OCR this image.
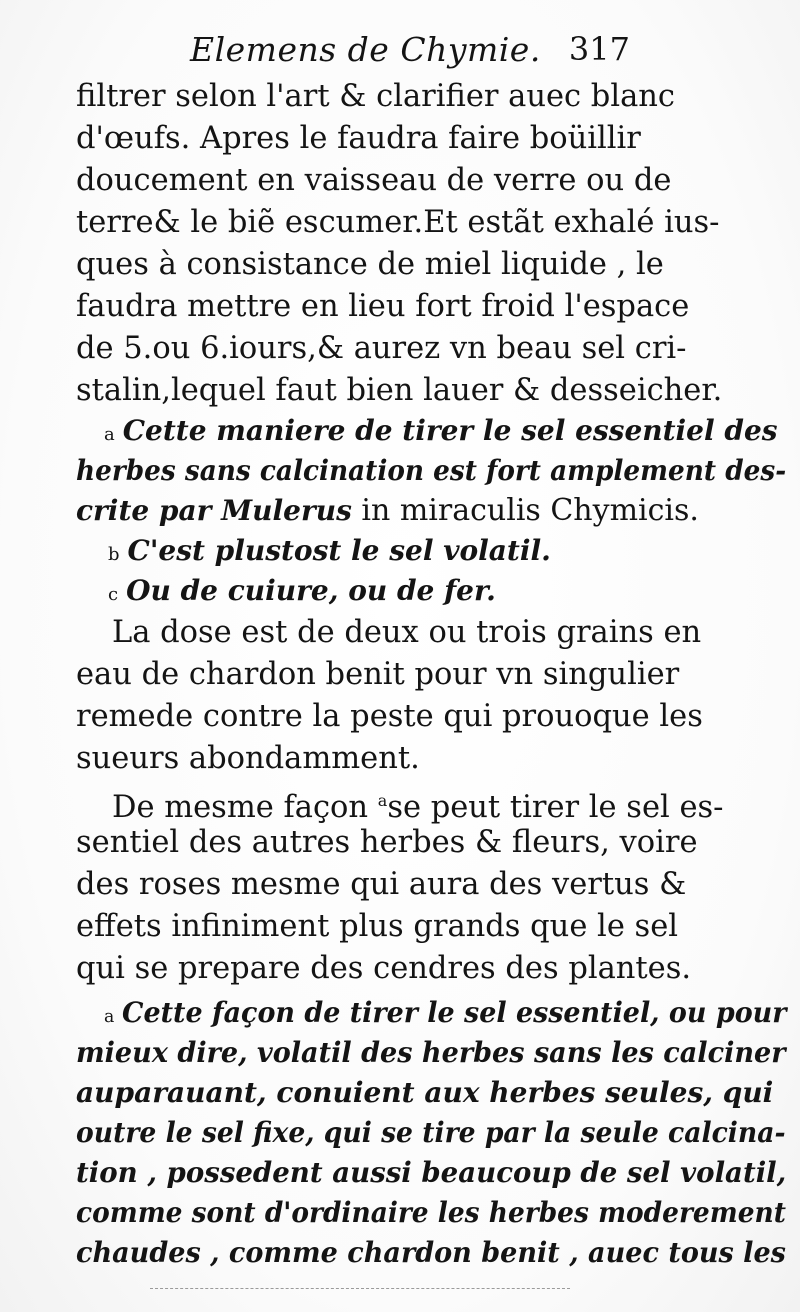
Elemens de Chymie. 317
filtrer selon l'art & clarifier auec blanc
d'œufs. Apres le faudra faire boüillir
doucement en vaisseau de verre ou de
terre& le biẽ escumer.Et estãt exhalé ius-
ques à consistance de miel liquide , le
faudra mettre en lieu fort froid l'espace
de 5.ou 6.iours,& aurez vn beau sel cri-
stalin,lequel faut bien lauer & desseicher.
a Cette maniere de tirer le sel essentiel des
herbes sans calcination est fort amplement des-
crite par Mulerus in miraculis Chymicis.
b C'est plustost le sel volatil.
c Ou de cuiure, ou de fer.
La dose est de deux ou trois grains en
eau de chardon benit pour vn singulier
remede contre la peste qui prouoque les
sueurs abondamment.
De mesme façon $^a$se peut tirer le sel es-
sentiel des autres herbes & fleurs, voire
des roses mesme qui aura des vertus &
effets infiniment plus grands que le sel
qui se prepare des cendres des plantes.
a Cette façon de tirer le sel essentiel, ou pour
mieux dire, volatil des herbes sans les calciner
auparauant, conuient aux herbes seules, qui
outre le sel fixe, qui se tire par la seule calcina-
tion , possedent aussi beaucoup de sel volatil,
comme sont d'ordinaire les herbes moderement
chaudes , comme chardon benit , auec tous les
